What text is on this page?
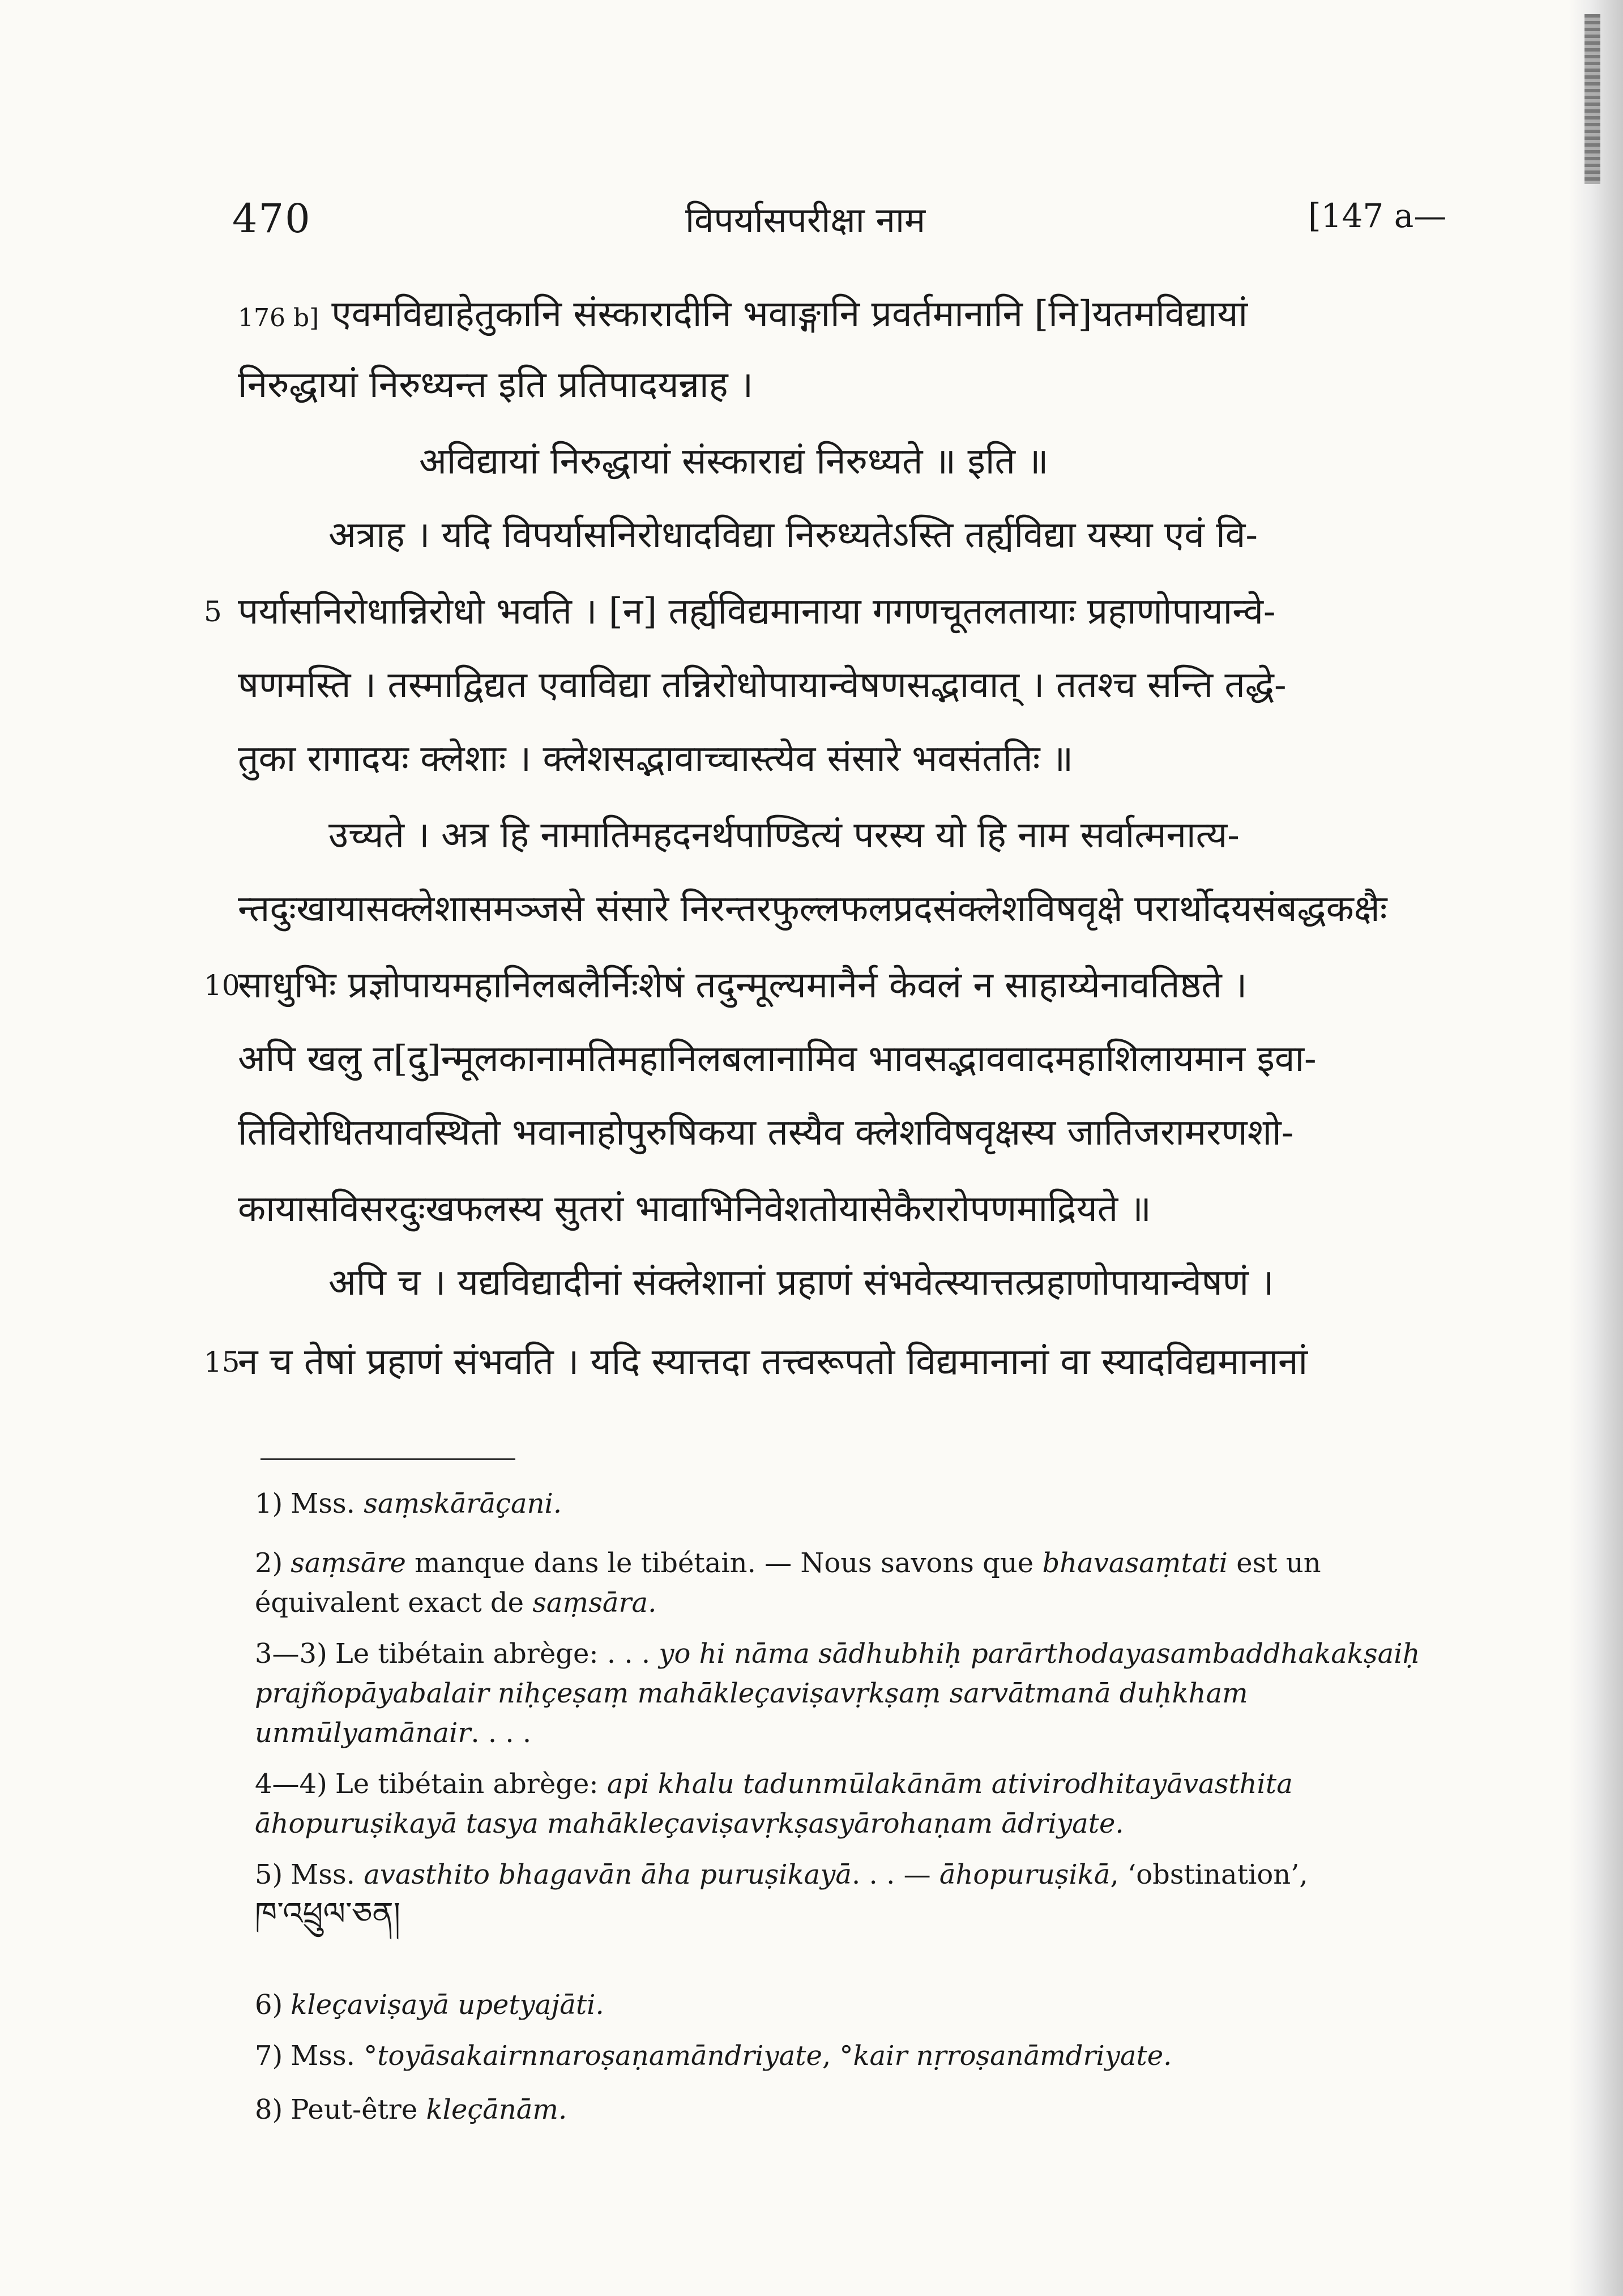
470	विपर्यासपरीक्षा नाम	[147 a—
176 b] एवमविद्याहेतुकानि संस्कारादीनि भवाङ्गानि प्रवर्तमानानि [नि]यतमविद्यायां
निरुद्धायां निरुध्यन्त इति प्रतिपादयन्नाह ।
अविद्यायां निरुद्धायां संस्काराद्यं निरुध्यते ॥ इति ॥
अत्राह । यदि विपर्यासनिरोधादविद्या निरुध्यतेऽस्ति तर्ह्यविद्या यस्या एवं वि-
5 पर्यासनिरोधान्निरोधो भवति । [न] तर्ह्यविद्यमानाया गगणचूतलतायाः प्रहाणोपायान्वे-
षणमस्ति । तस्माद्विद्यत एवाविद्या तन्निरोधोपायान्वेषणसद्भावात् । ततश्च सन्ति तद्धे-
तुका रागादयः क्लेशाः । क्लेशसद्भावाच्चास्त्येव संसारे भवसंततिः ॥
उच्यते । अत्र हि नामातिमहदनर्थपाण्डित्यं परस्य यो हि नाम सर्वात्मनात्य-
न्तदुःखायासक्लेशासमञ्जसे संसारे निरन्तरफुल्लफलप्रदसंक्लेशविषवृक्षे परार्थोदयसंबद्धकक्षैः
10
साधुभिः प्रज्ञोपायमहानिलबलैर्निःशेषं तदुन्मूल्यमानैर्न केवलं न साहाय्येनावतिष्ठते ।
अपि खलु त[दु]न्मूलकानामतिमहानिलबलानामिव भावसद्भाववादमहाशिलायमान इवा-
तिविरोधितयावस्थितो भवानाहोपुरुषिकया तस्यैव क्लेशविषवृक्षस्य जातिजरामरणशो-
कायासविसरदुःखफलस्य सुतरां भावाभिनिवेशतोयासेकैरारोपणमाद्रियते ॥
अपि च । यद्यविद्यादीनां संक्लेशानां प्रहाणं संभवेत्स्यात्तत्प्रहाणोपायान्वेषणं ।
15
न च तेषां प्रहाणं संभवति । यदि स्यात्तदा तत्त्वरूपतो विद्यमानानां वा स्यादविद्यमानानां
1) Mss. saṃskārāçani.
2) saṃsāre manque dans le tibétain. — Nous savons que bhavasaṃtati est un équivalent exact de saṃsāra.
3—3) Le tibétain abrège: . . . yo hi nāma sādhubhiḥ parārthodayasambaddhakakṣaiḥ prajñopāyabalair niḥçeṣaṃ mahākleçaviṣavṛkṣaṃ sarvātmanā duḥkham unmūlyamānair. . . .
4—4) Le tibétain abrège: api khalu tadunmūlakānām ativirodhitayāvasthita āhopuruṣikayā tasya mahākleçaviṣavṛkṣasyārohaṇam ādriyate.
5) Mss. avasthito bhagavān āha puruṣikayā. . . — āhopuruṣikā, ‘obstination’,
ཁ་འཕྲུལ་ཅན།
6) kleçaviṣayā upetyajāti.
7) Mss. °toyāsakairnnaroṣaṇamāndriyate, °kair nṛroṣanāmdriyate.
8) Peut-être kleçānām.
